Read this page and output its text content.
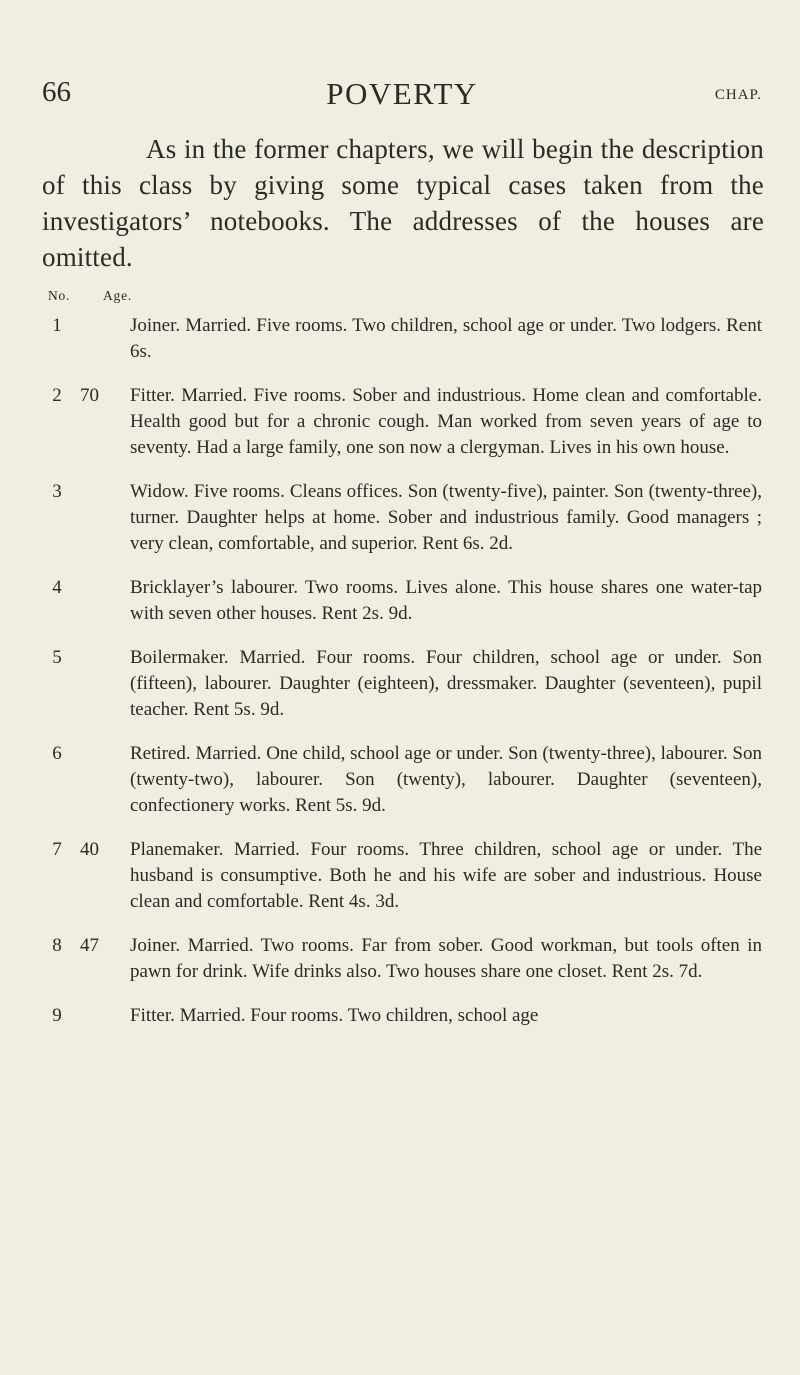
66	POVERTY	CHAP.

As in the former chapters, we will begin the description of this class by giving some typical cases taken from the investigators’ notebooks. The addresses of the houses are omitted.

No. Age.
1	Joiner. Married. Five rooms. Two children, school age or under. Two lodgers. Rent 6s.

2 70 Fitter. Married. Five rooms. Sober and industrious. Home clean and comfortable. Health good but for a chronic cough. Man worked from seven years of age to seventy. Had a large family, one son now a clergyman. Lives in his own house.

3	Widow. Five rooms. Cleans offices. Son (twenty-five), painter. Son (twenty-three), turner. Daughter helps at home. Sober and industrious family. Good managers ; very clean, comfortable, and superior. Rent 6s. 2d.

4	Bricklayer’s labourer. Two rooms. Lives alone. This house shares one water-tap with seven other houses. Rent 2s. 9d.

5	Boilermaker. Married. Four rooms. Four children, school age or under. Son (fifteen), labourer. Daughter (eighteen), dressmaker. Daughter (seventeen), pupil teacher. Rent 5s. 9d.

6	Retired. Married. One child, school age or under. Son (twenty-three), labourer. Son (twenty-two), labourer. Son (twenty), labourer. Daughter (seventeen), confectionery works. Rent 5s. 9d.

7 40 Planemaker. Married. Four rooms. Three children, school age or under. The husband is consumptive. Both he and his wife are sober and industrious. House clean and comfortable. Rent 4s. 3d.

8 47 Joiner. Married. Two rooms. Far from sober. Good workman, but tools often in pawn for drink. Wife drinks also. Two houses share one closet. Rent 2s. 7d.

9	Fitter. Married. Four rooms. Two children, school age
